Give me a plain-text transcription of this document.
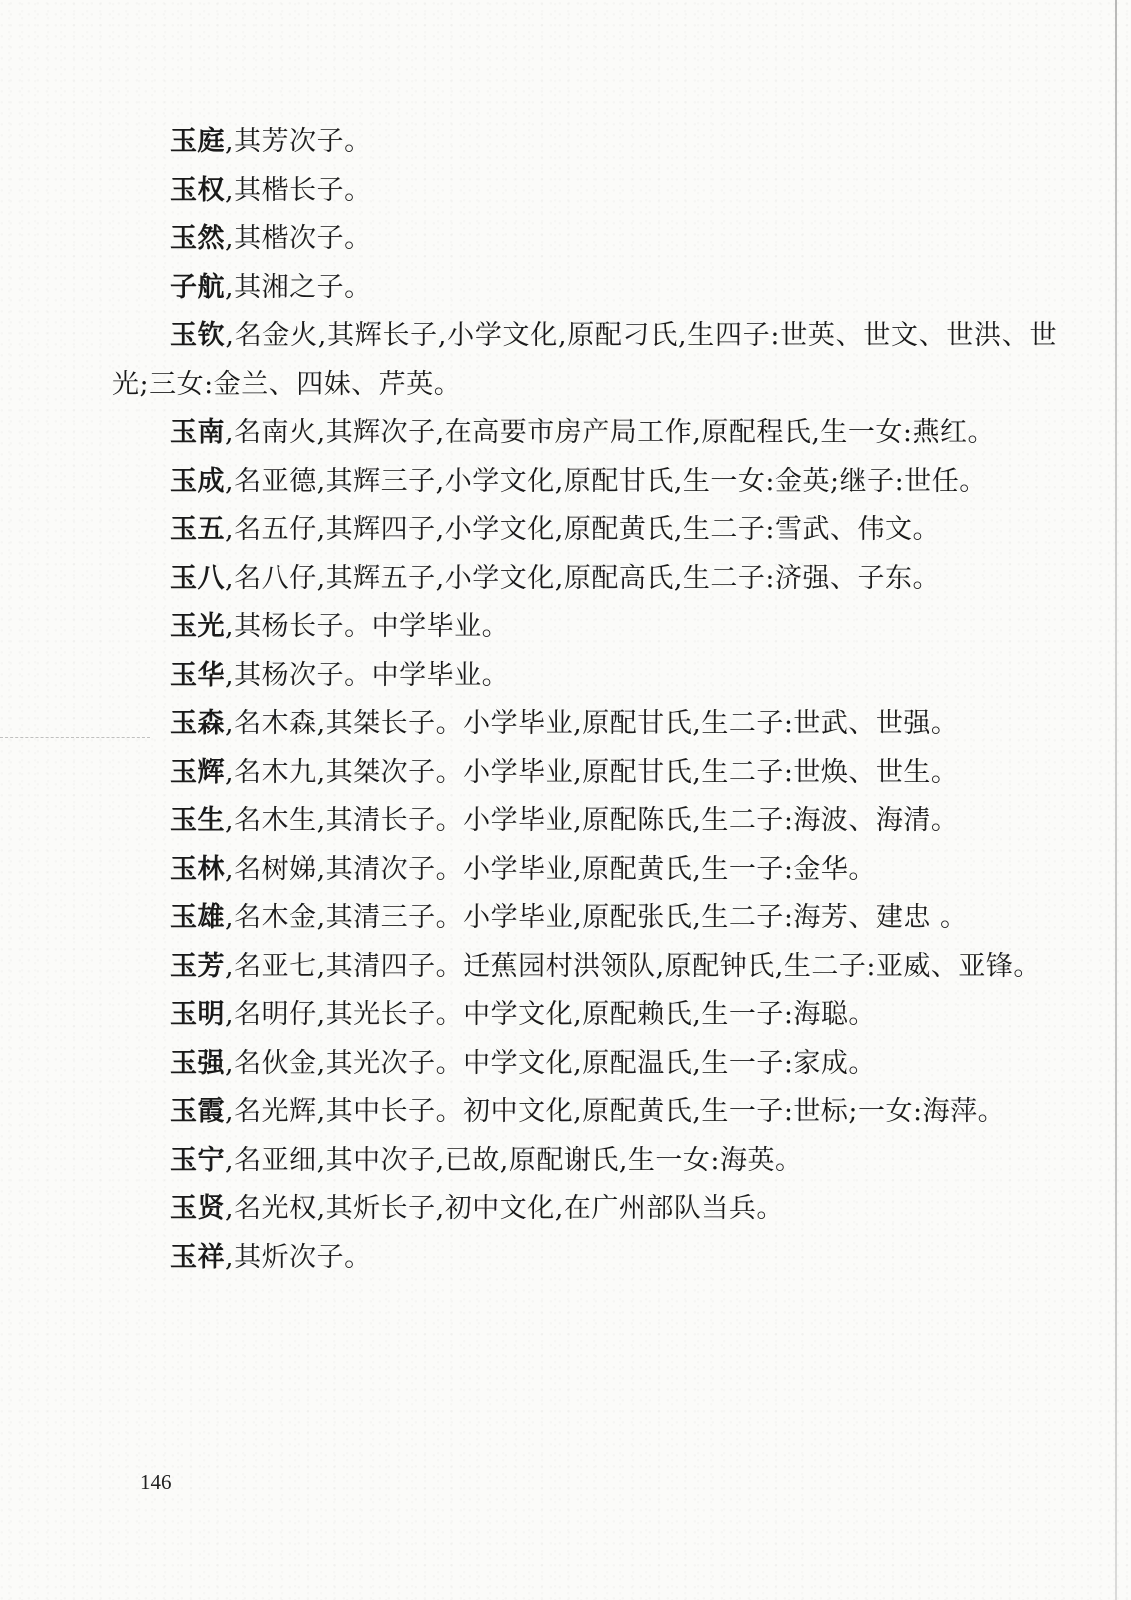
玉庭,其芳次子。

玉权,其楷长子。

玉然,其楷次子。

子航,其湘之子。

玉钦,名金火,其辉长子,小学文化,原配刁氏,生四子:世英、世文、世洪、世光;三女:金兰、四妹、芹英。

玉南,名南火,其辉次子,在高要市房产局工作,原配程氏,生一女:燕红。

玉成,名亚德,其辉三子,小学文化,原配甘氏,生一女:金英;继子:世任。

玉五,名五仔,其辉四子,小学文化,原配黄氏,生二子:雪武、伟文。

玉八,名八仔,其辉五子,小学文化,原配高氏,生二子:济强、子东。

玉光,其杨长子。中学毕业。

玉华,其杨次子。中学毕业。

玉森,名木森,其桀长子。小学毕业,原配甘氏,生二子:世武、世强。

玉辉,名木九,其桀次子。小学毕业,原配甘氏,生二子:世焕、世生。

玉生,名木生,其清长子。小学毕业,原配陈氏,生二子:海波、海清。

玉林,名树娣,其清次子。小学毕业,原配黄氏,生一子:金华。

玉雄,名木金,其清三子。小学毕业,原配张氏,生二子:海芳、建忠 。

玉芳,名亚七,其清四子。迁蕉园村洪领队,原配钟氏,生二子:亚威、亚锋。

玉明,名明仔,其光长子。中学文化,原配赖氏,生一子:海聪。

玉强,名伙金,其光次子。中学文化,原配温氏,生一子:家成。

玉霞,名光辉,其中长子。初中文化,原配黄氏,生一子:世标;一女:海萍。

玉宁,名亚细,其中次子,已故,原配谢氏,生一女:海英。

玉贤,名光权,其炘长子,初中文化,在广州部队当兵。

玉祥,其炘次子。

146
